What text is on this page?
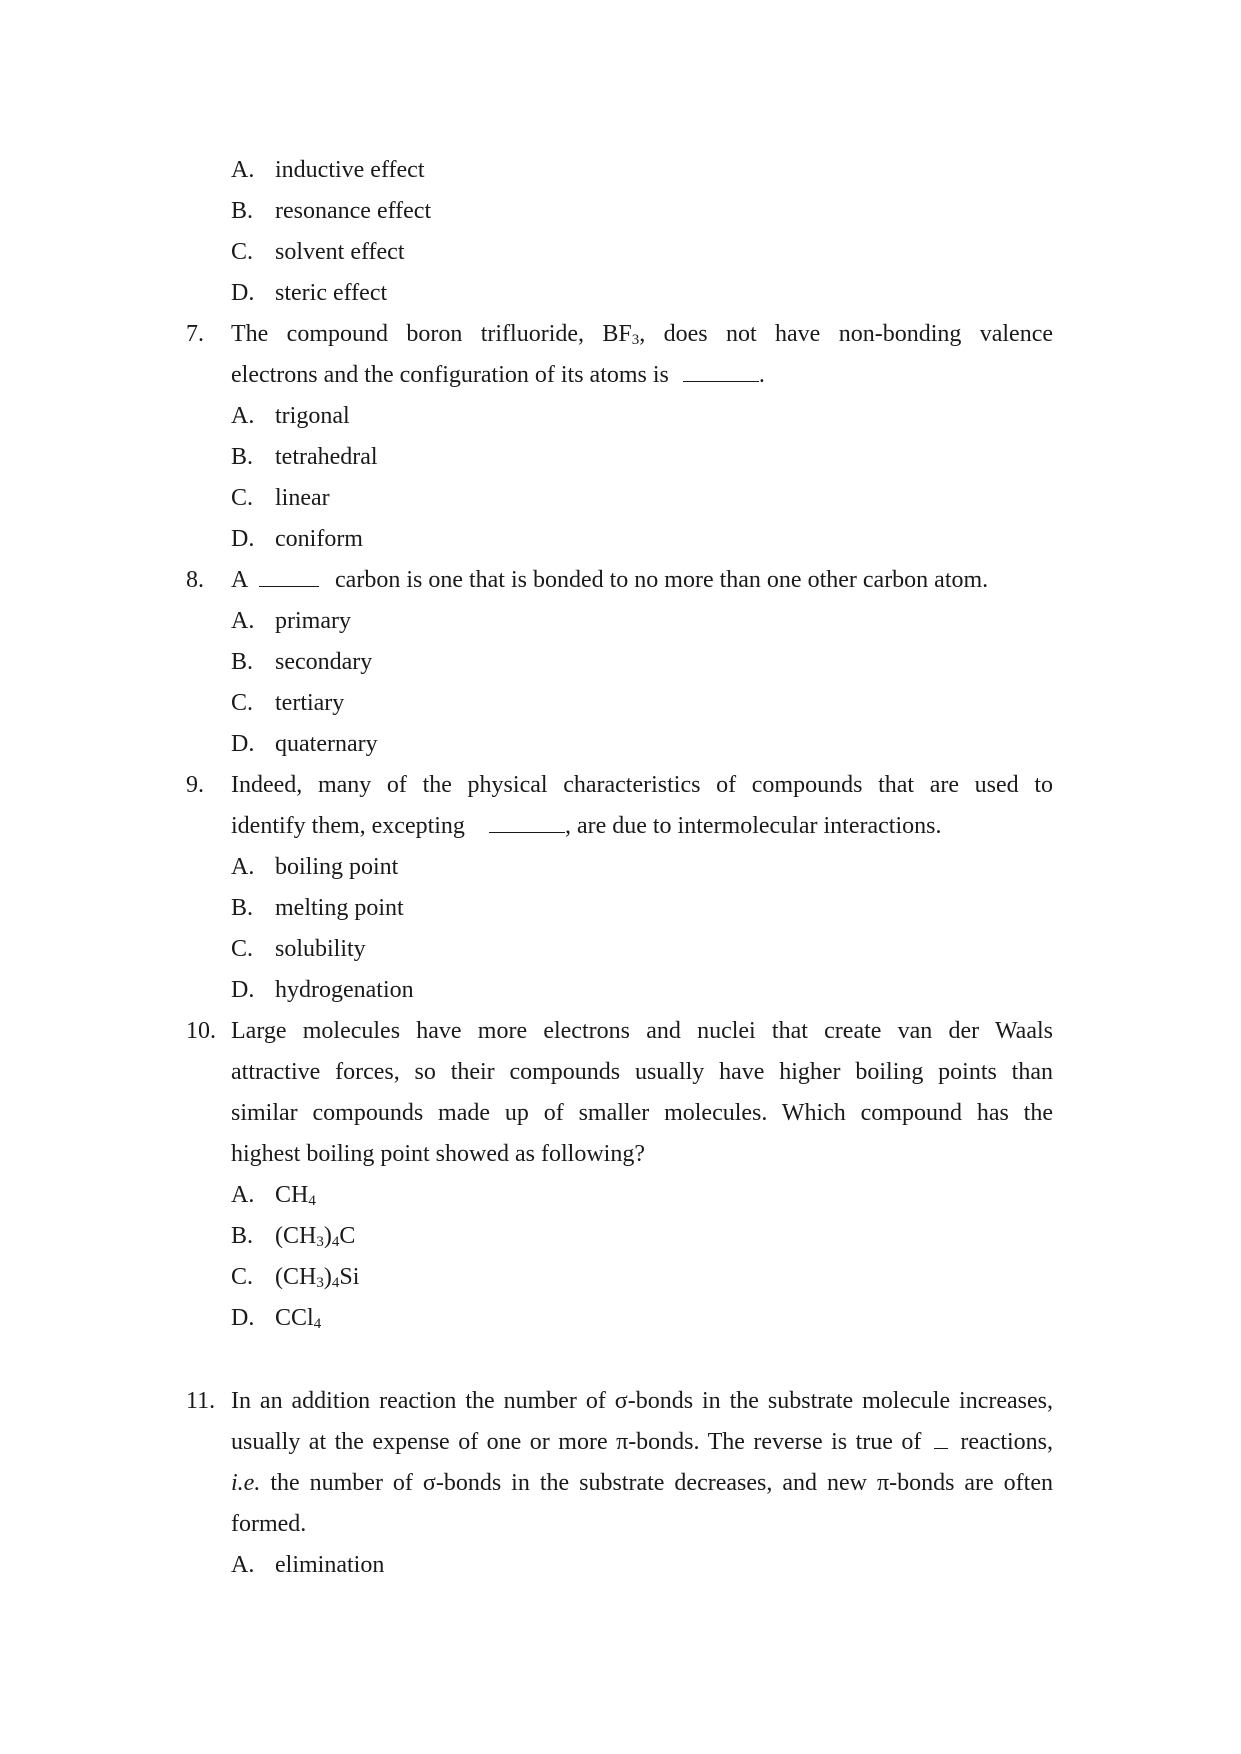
A. inductive effect
B. resonance effect
C. solvent effect
D. steric effect
7. The compound boron trifluoride, $BF_3$, does not have non-bonding valence
electrons and the configuration of its atoms is	.
A. trigonal
B. tetrahedral
C. linear
D. coniform
8. A	carbon is one that is bonded to no more than one other carbon atom.
A. primary
B. secondary
C. tertiary
D. quaternary
9. Indeed, many of the physical characteristics of compounds that are used to
identify them, excepting	, are due to intermolecular interactions.
A. boiling point
B. melting point
C. solubility
D. hydrogenation
10. Large molecules have more electrons and nuclei that create van der Waals
attractive forces, so their compounds usually have higher boiling points than
similar compounds made up of smaller molecules. Which compound has the
highest boiling point showed as following?
A. $CH_4$
B. $(CH_3)_4C$
C. $(CH_3)_4Si$
D. CCl$_4$
11. In an addition reaction the number of σ-bonds in the substrate molecule increases,
usually at the expense of one or more π-bonds. The reverse is true of reactions,
i.e. the number of σ-bonds in the substrate decreases, and new π-bonds are often
formed.
A. elimination
